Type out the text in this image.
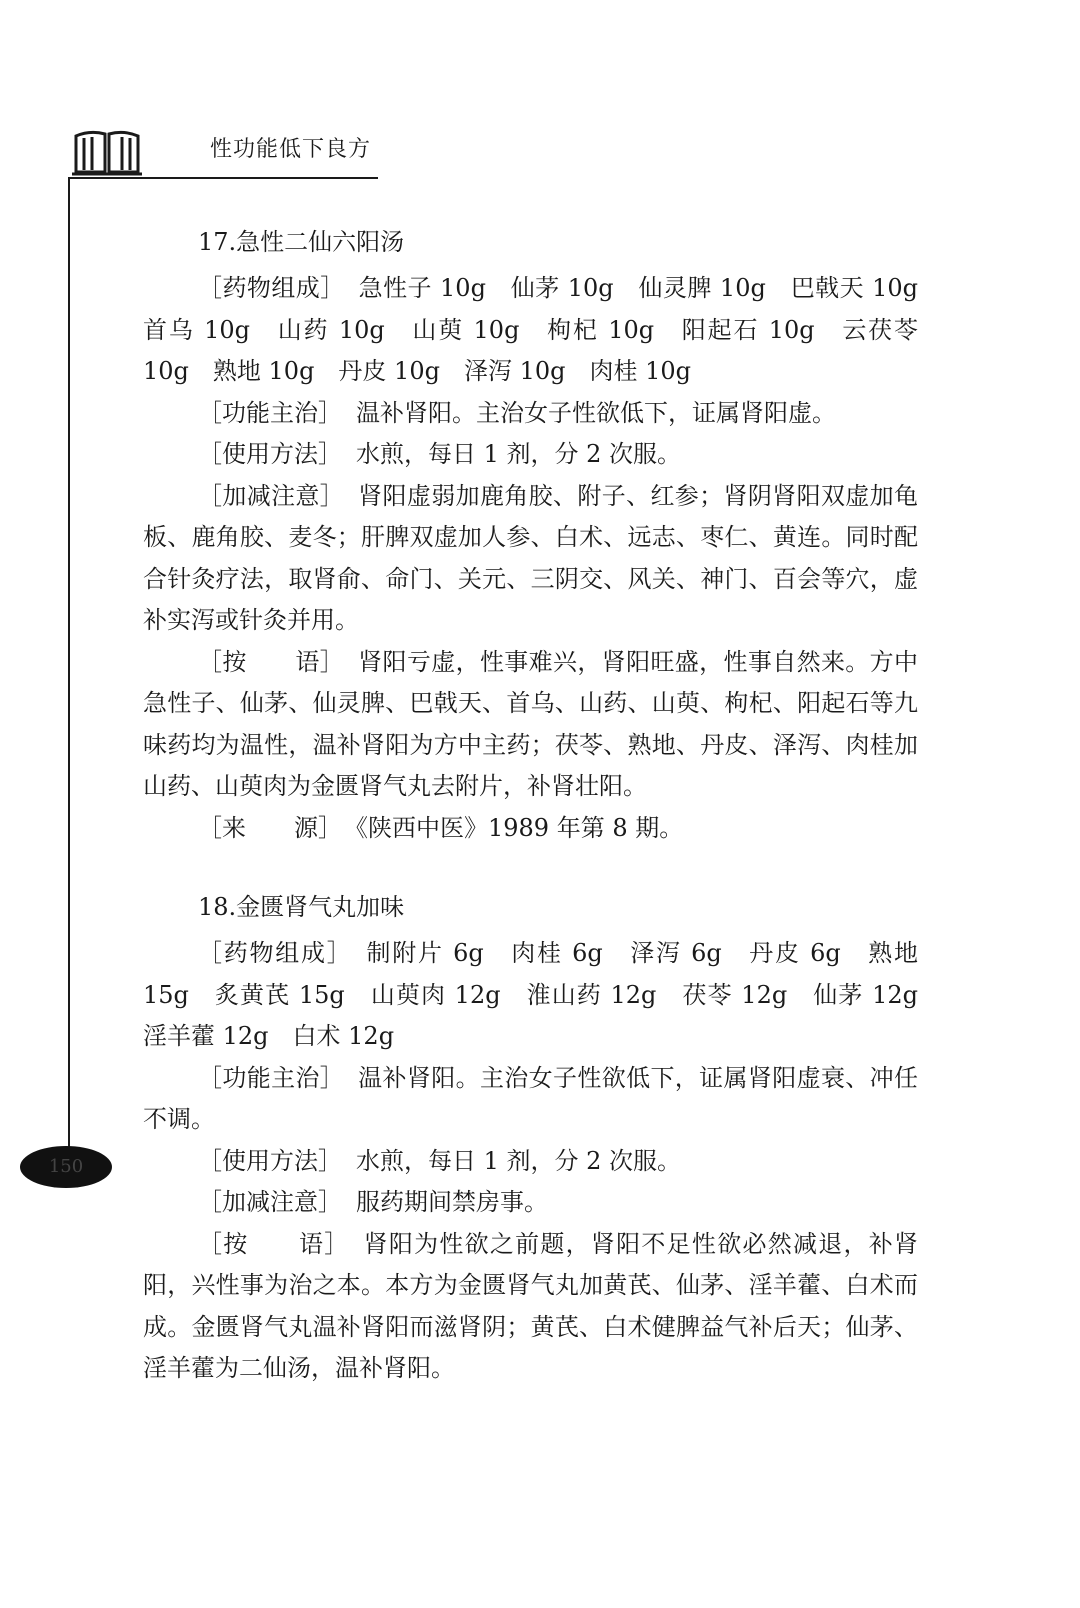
性功能低下良方
150
17.急性二仙六阳汤

［药物组成］ 急性子 10g　仙茅 10g　仙灵脾 10g　巴戟天 10g　首乌 10g　山药 10g　山萸 10g　枸杞 10g　阳起石 10g　云茯苓 10g　熟地 10g　丹皮 10g　泽泻 10g　肉桂 10g

［功能主治］ 温补肾阳。主治女子性欲低下，证属肾阳虚。

［使用方法］ 水煎，每日 1 剂，分 2 次服。

［加减注意］ 肾阳虚弱加鹿角胶、附子、红参；肾阴肾阳双虚加龟板、鹿角胶、麦冬；肝脾双虚加人参、白术、远志、枣仁、黄连。同时配合针灸疗法，取肾俞、命门、关元、三阴交、风关、神门、百会等穴，虚补实泻或针灸并用。

［按　　语］ 肾阳亏虚，性事难兴，肾阳旺盛，性事自然来。方中急性子、仙茅、仙灵脾、巴戟天、首乌、山药、山萸、枸杞、阳起石等九味药均为温性，温补肾阳为方中主药；茯苓、熟地、丹皮、泽泻、肉桂加山药、山萸肉为金匮肾气丸去附片，补肾壮阳。

［来　　源］ 《陕西中医》1989 年第 8 期。

18.金匮肾气丸加味

［药物组成］ 制附片 6g　肉桂 6g　泽泻 6g　丹皮 6g　熟地 15g　炙黄芪 15g　山萸肉 12g　淮山药 12g　茯苓 12g　仙茅 12g　淫羊藿 12g　白术 12g

［功能主治］ 温补肾阳。主治女子性欲低下，证属肾阳虚衰、冲任不调。

［使用方法］ 水煎，每日 1 剂，分 2 次服。

［加减注意］ 服药期间禁房事。

［按　　语］ 肾阳为性欲之前题，肾阳不足性欲必然减退，补肾阳，兴性事为治之本。本方为金匮肾气丸加黄芪、仙茅、淫羊藿、白术而成。金匮肾气丸温补肾阳而滋肾阴；黄芪、白术健脾益气补后天；仙茅、淫羊藿为二仙汤，温补肾阳。
